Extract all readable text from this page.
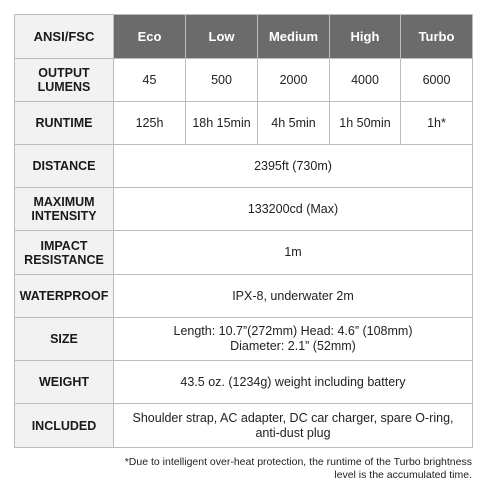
ANSI/FSC	Eco	Low	Medium	High	Turbo
OUTPUT
LUMENS	45	500	2000	4000	6000
RUNTIME	125h	18h 15min	4h 5min	1h 50min	1h*
DISTANCE	2395ft (730m)				
MAXIMUM
INTENSITY	133200cd (Max)				
IMPACT
RESISTANCE	1m				
WATERPROOF	IPX-8, underwater 2m				
SIZE	Length: 10.7”(272mm) Head: 4.6” (108mm)
Diameter: 2.1” (52mm)				
WEIGHT	43.5 oz. (1234g) weight including battery				
INCLUDED	Shoulder strap, AC adapter, DC car charger, spare O-ring,
anti-dust plug				
*Due to intelligent over-heat protection, the runtime of the Turbo brightness
level is the accumulated time.
